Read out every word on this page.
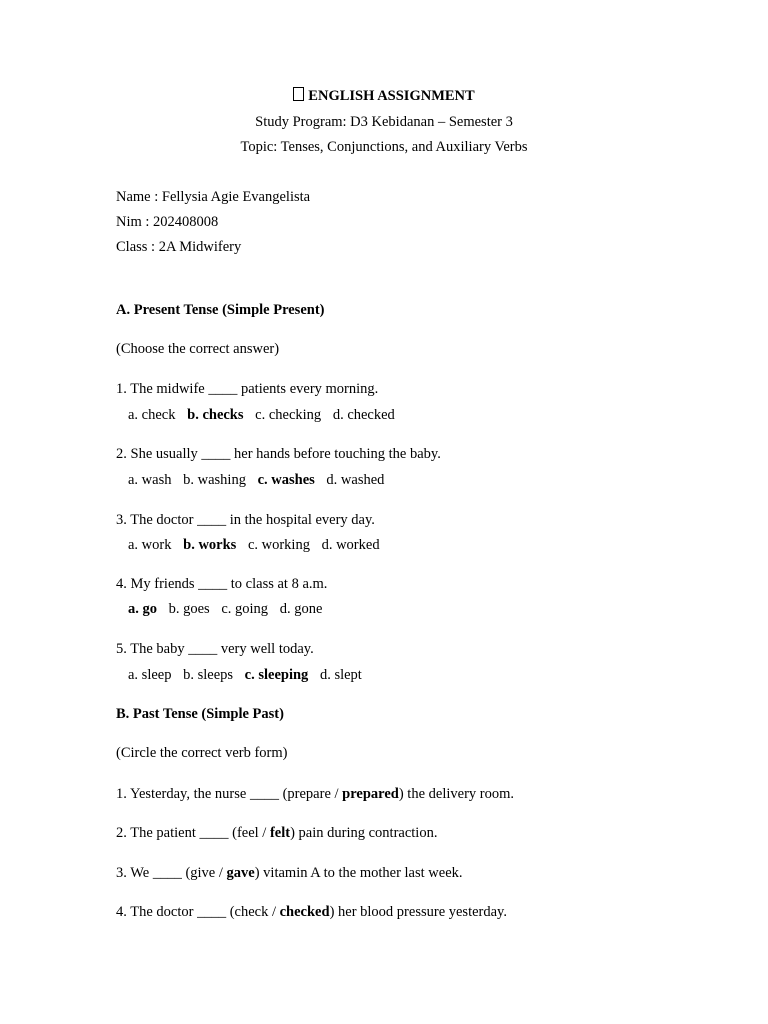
ENGLISH ASSIGNMENT
Study Program: D3 Kebidanan – Semester 3
Topic: Tenses, Conjunctions, and Auxiliary Verbs
Name : Fellysia Agie Evangelista
Nim : 202408008
Class : 2A Midwifery
A. Present Tense (Simple Present)
(Choose the correct answer)
1. The midwife ____ patients every morning.
a. check b. checks c. checking d. checked
2. She usually ____ her hands before touching the baby.
a. wash b. washing c. washes d. washed
3. The doctor ____ in the hospital every day.
a. work b. works c. working d. worked
4. My friends ____ to class at 8 a.m.
a. go b. goes c. going d. gone
5. The baby ____ very well today.
a. sleep b. sleeps c. sleeping d. slept
B. Past Tense (Simple Past)
(Circle the correct verb form)
1. Yesterday, the nurse ____ (prepare / prepared) the delivery room.
2. The patient ____ (feel / felt) pain during contraction.
3. We ____ (give / gave) vitamin A to the mother last week.
4. The doctor ____ (check / checked) her blood pressure yesterday.
